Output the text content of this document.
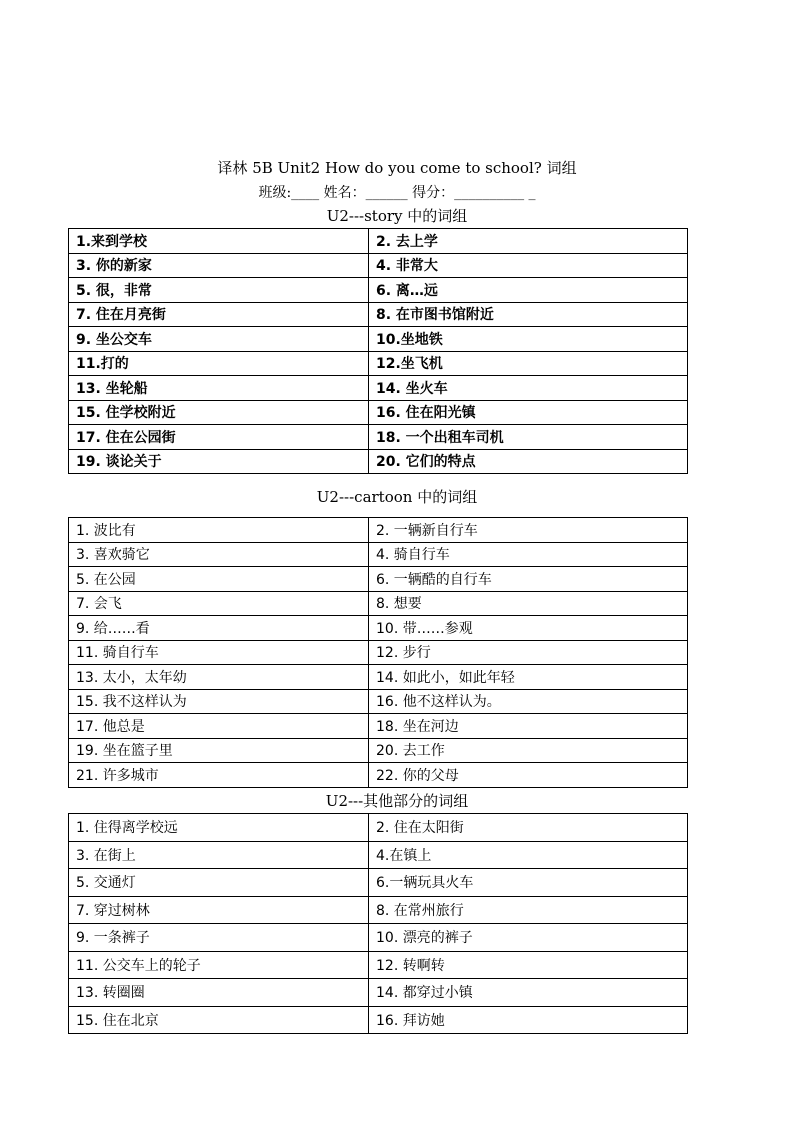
译林 5B Unit2 How do you come to school? 词组
班级:____ 姓名：______ 得分：__________ _
U2---story 中的词组
1.来到学校	2. 去上学
3. 你的新家	4. 非常大
5. 很，非常	6. 离…远
7. 住在月亮街	8. 在市图书馆附近
9. 坐公交车	10.坐地铁
11.打的	12.坐飞机
13. 坐轮船	14. 坐火车
15. 住学校附近	16. 住在阳光镇
17. 住在公园街	18. 一个出租车司机
19. 谈论关于	20. 它们的特点
U2---cartoon 中的词组
1. 波比有	2. 一辆新自行车
3. 喜欢骑它	4. 骑自行车
5. 在公园	6. 一辆酷的自行车
7. 会飞	8. 想要
9. 给……看	10. 带……参观
11. 骑自行车	12. 步行
13. 太小，太年幼	14. 如此小，如此年轻
15. 我不这样认为	16. 他不这样认为。
17. 他总是	18. 坐在河边
19. 坐在篮子里	20. 去工作
21. 许多城市	22. 你的父母
U2---其他部分的词组
1. 住得离学校远	2. 住在太阳街
3. 在街上	4.在镇上
5. 交通灯	6.一辆玩具火车
7. 穿过树林	8. 在常州旅行
9. 一条裤子	10. 漂亮的裤子
11. 公交车上的轮子	12. 转啊转
13. 转圈圈	14. 都穿过小镇
15. 住在北京	16. 拜访她
